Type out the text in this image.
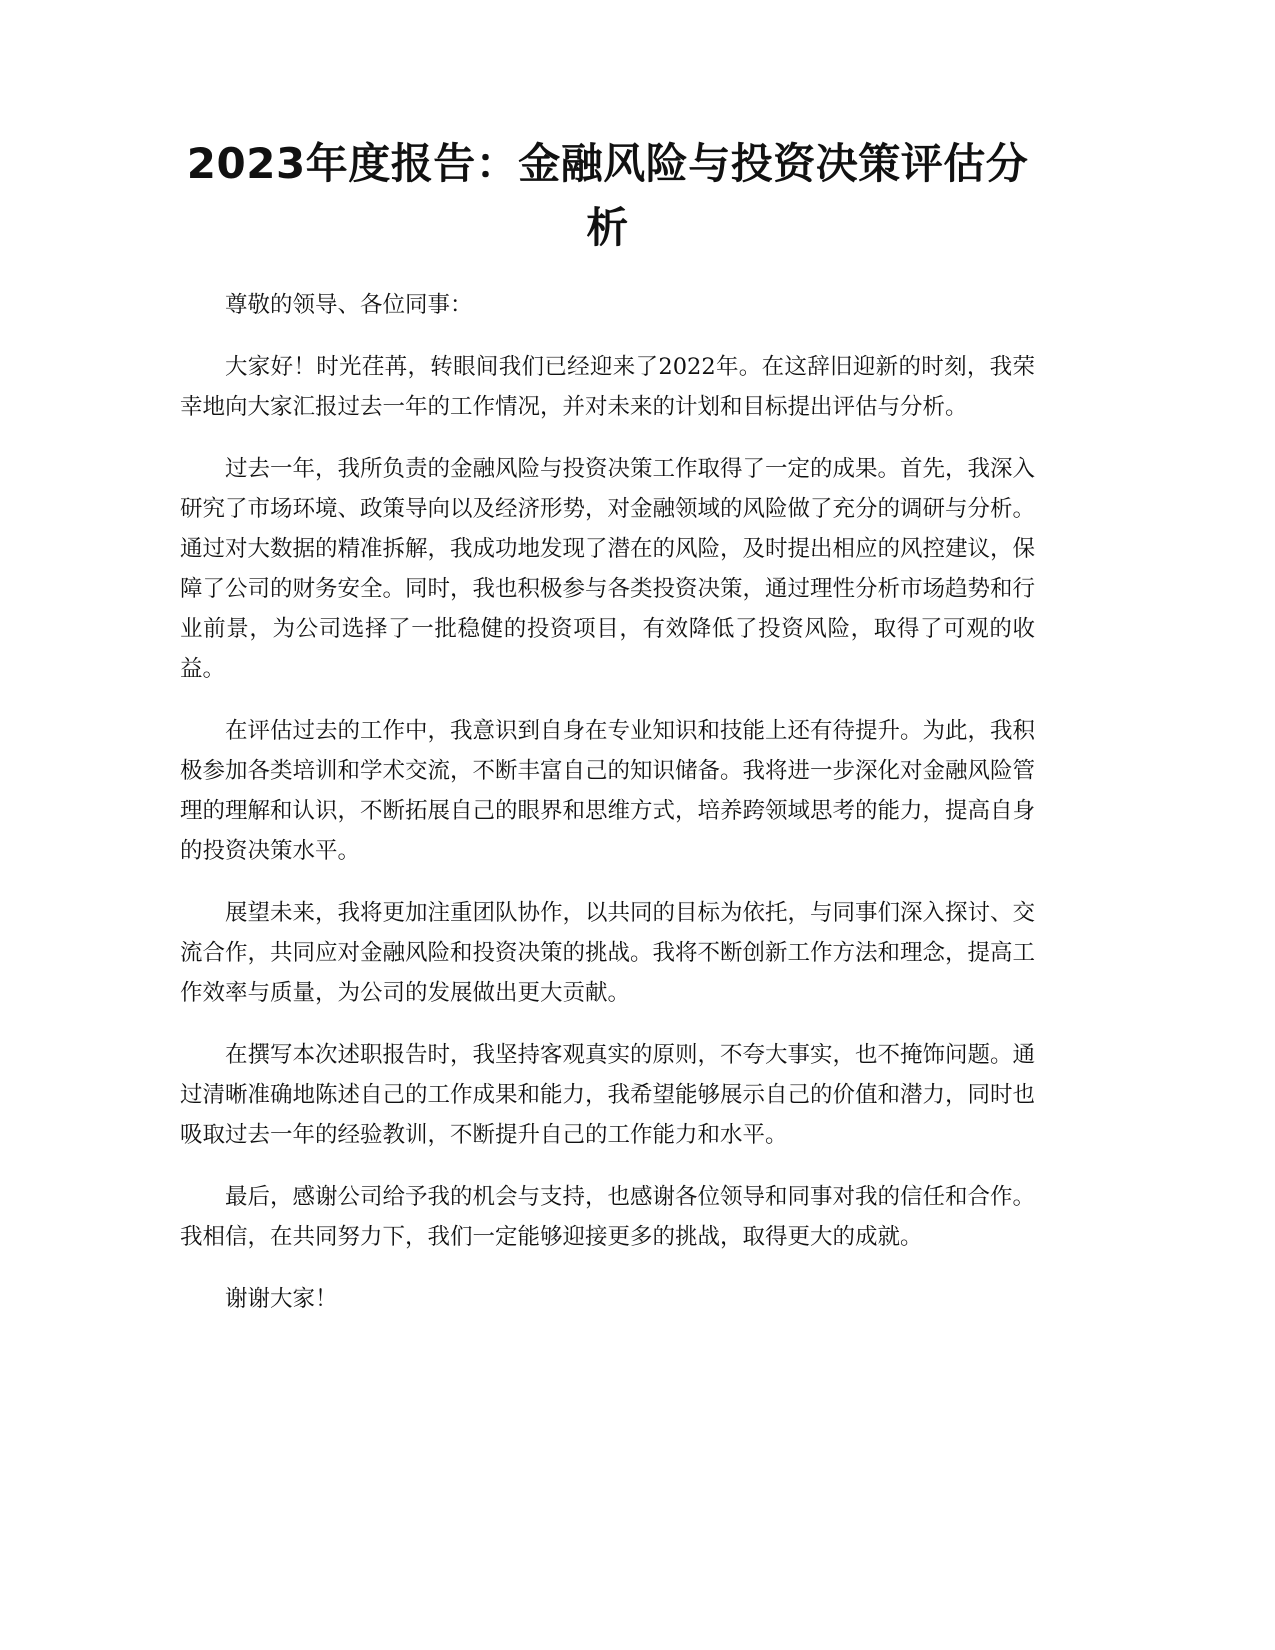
2023年度报告：金融风险与投资决策评估分析

尊敬的领导、各位同事：

大家好！时光荏苒，转眼间我们已经迎来了2022年。在这辞旧迎新的时刻，我荣幸地向大家汇报过去一年的工作情况，并对未来的计划和目标提出评估与分析。

过去一年，我所负责的金融风险与投资决策工作取得了一定的成果。首先，我深入研究了市场环境、政策导向以及经济形势，对金融领域的风险做了充分的调研与分析。通过对大数据的精准拆解，我成功地发现了潜在的风险，及时提出相应的风控建议，保障了公司的财务安全。同时，我也积极参与各类投资决策，通过理性分析市场趋势和行业前景，为公司选择了一批稳健的投资项目，有效降低了投资风险，取得了可观的收益。

在评估过去的工作中，我意识到自身在专业知识和技能上还有待提升。为此，我积极参加各类培训和学术交流，不断丰富自己的知识储备。我将进一步深化对金融风险管理的理解和认识，不断拓展自己的眼界和思维方式，培养跨领域思考的能力，提高自身的投资决策水平。

展望未来，我将更加注重团队协作，以共同的目标为依托，与同事们深入探讨、交流合作，共同应对金融风险和投资决策的挑战。我将不断创新工作方法和理念，提高工作效率与质量，为公司的发展做出更大贡献。

在撰写本次述职报告时，我坚持客观真实的原则，不夸大事实，也不掩饰问题。通过清晰准确地陈述自己的工作成果和能力，我希望能够展示自己的价值和潜力，同时也吸取过去一年的经验教训，不断提升自己的工作能力和水平。

最后，感谢公司给予我的机会与支持，也感谢各位领导和同事对我的信任和合作。我相信，在共同努力下，我们一定能够迎接更多的挑战，取得更大的成就。

谢谢大家！
